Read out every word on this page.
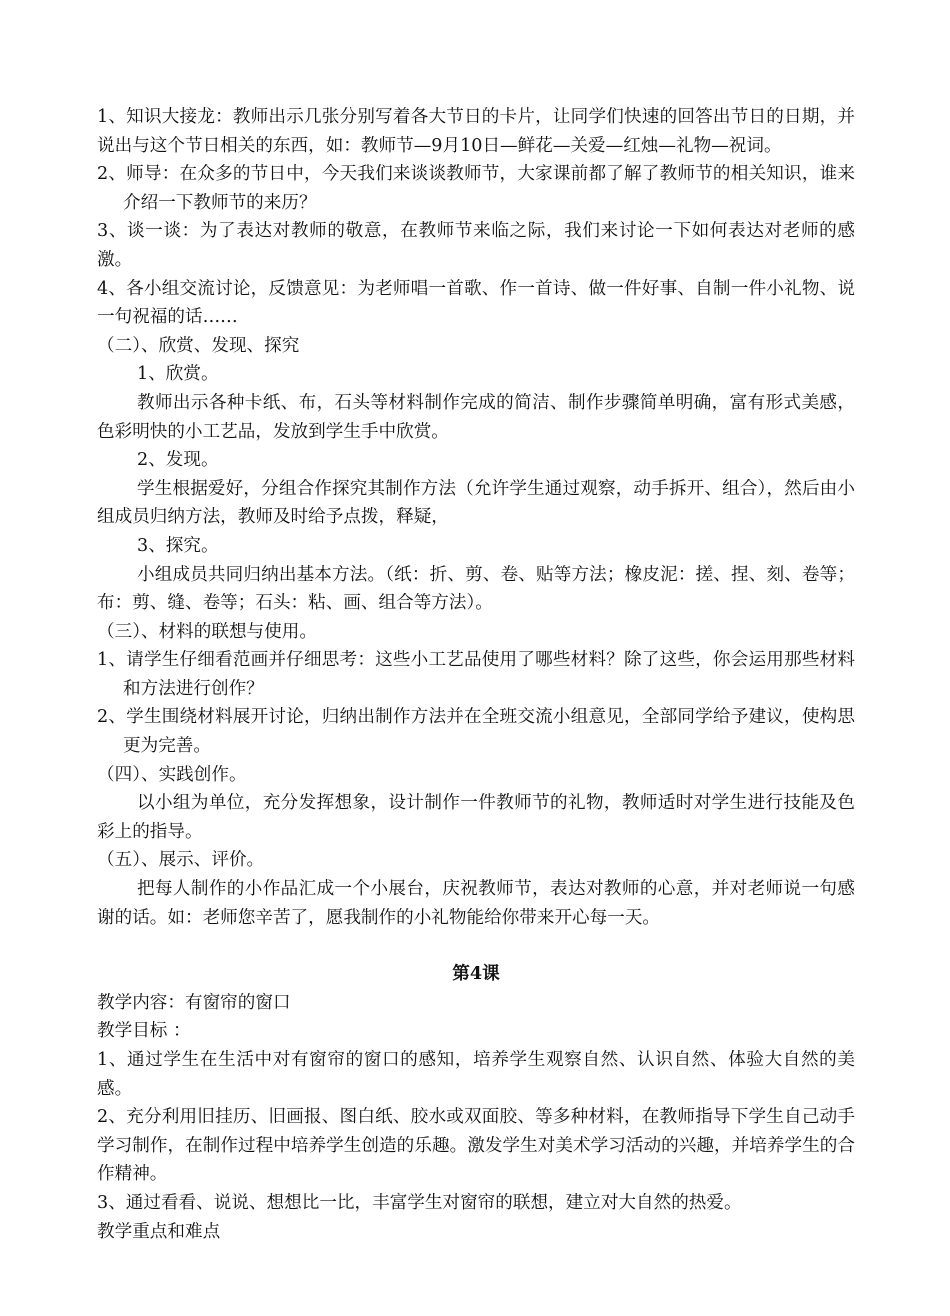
1、知识大接龙：教师出示几张分别写着各大节日的卡片，让同学们快速的回答出节日的日期，并说出与这个节日相关的东西，如：教师节—9月10日—鲜花—关爱—红烛—礼物—祝词。

2、师导：在众多的节日中，今天我们来谈谈教师节，大家课前都了解了教师节的相关知识，谁来介绍一下教师节的来历？

3、谈一谈：为了表达对教师的敬意，在教师节来临之际，我们来讨论一下如何表达对老师的感激。

4、各小组交流讨论，反馈意见：为老师唱一首歌、作一首诗、做一件好事、自制一件小礼物、说一句祝福的话……

（二）、欣赏、发现、探究

1、欣赏。

教师出示各种卡纸、布，石头等材料制作完成的简洁、制作步骤简单明确，富有形式美感，色彩明快的小工艺品，发放到学生手中欣赏。

2、发现。

学生根据爱好，分组合作探究其制作方法（允许学生通过观察，动手拆开、组合），然后由小组成员归纳方法，教师及时给予点拨，释疑，

3、探究。

小组成员共同归纳出基本方法。（纸：折、剪、卷、贴等方法；橡皮泥：搓、捏、刻、卷等；布：剪、缝、卷等；石头：粘、画、组合等方法）。

（三）、材料的联想与使用。

1、请学生仔细看范画并仔细思考：这些小工艺品使用了哪些材料？除了这些，你会运用那些材料和方法进行创作？

2、学生围绕材料展开讨论，归纳出制作方法并在全班交流小组意见，全部同学给予建议，使构思更为完善。

（四）、实践创作。

以小组为单位，充分发挥想象，设计制作一件教师节的礼物，教师适时对学生进行技能及色彩上的指导。

（五）、展示、评价。

把每人制作的小作品汇成一个小展台，庆祝教师节，表达对教师的心意，并对老师说一句感谢的话。如：老师您辛苦了，愿我制作的小礼物能给你带来开心每一天。

第4课

教学内容：有窗帘的窗口

教学目标 ：

1、通过学生在生活中对有窗帘的窗口的感知，培养学生观察自然、认识自然、体验大自然的美感。

2、充分利用旧挂历、旧画报、图白纸、胶水或双面胶、等多种材料，在教师指导下学生自己动手学习制作，在制作过程中培养学生创造的乐趣。激发学生对美术学习活动的兴趣，并培养学生的合作精神。

3、通过看看、说说、想想比一比，丰富学生对窗帘的联想，建立对大自然的热爱。

教学重点和难点
